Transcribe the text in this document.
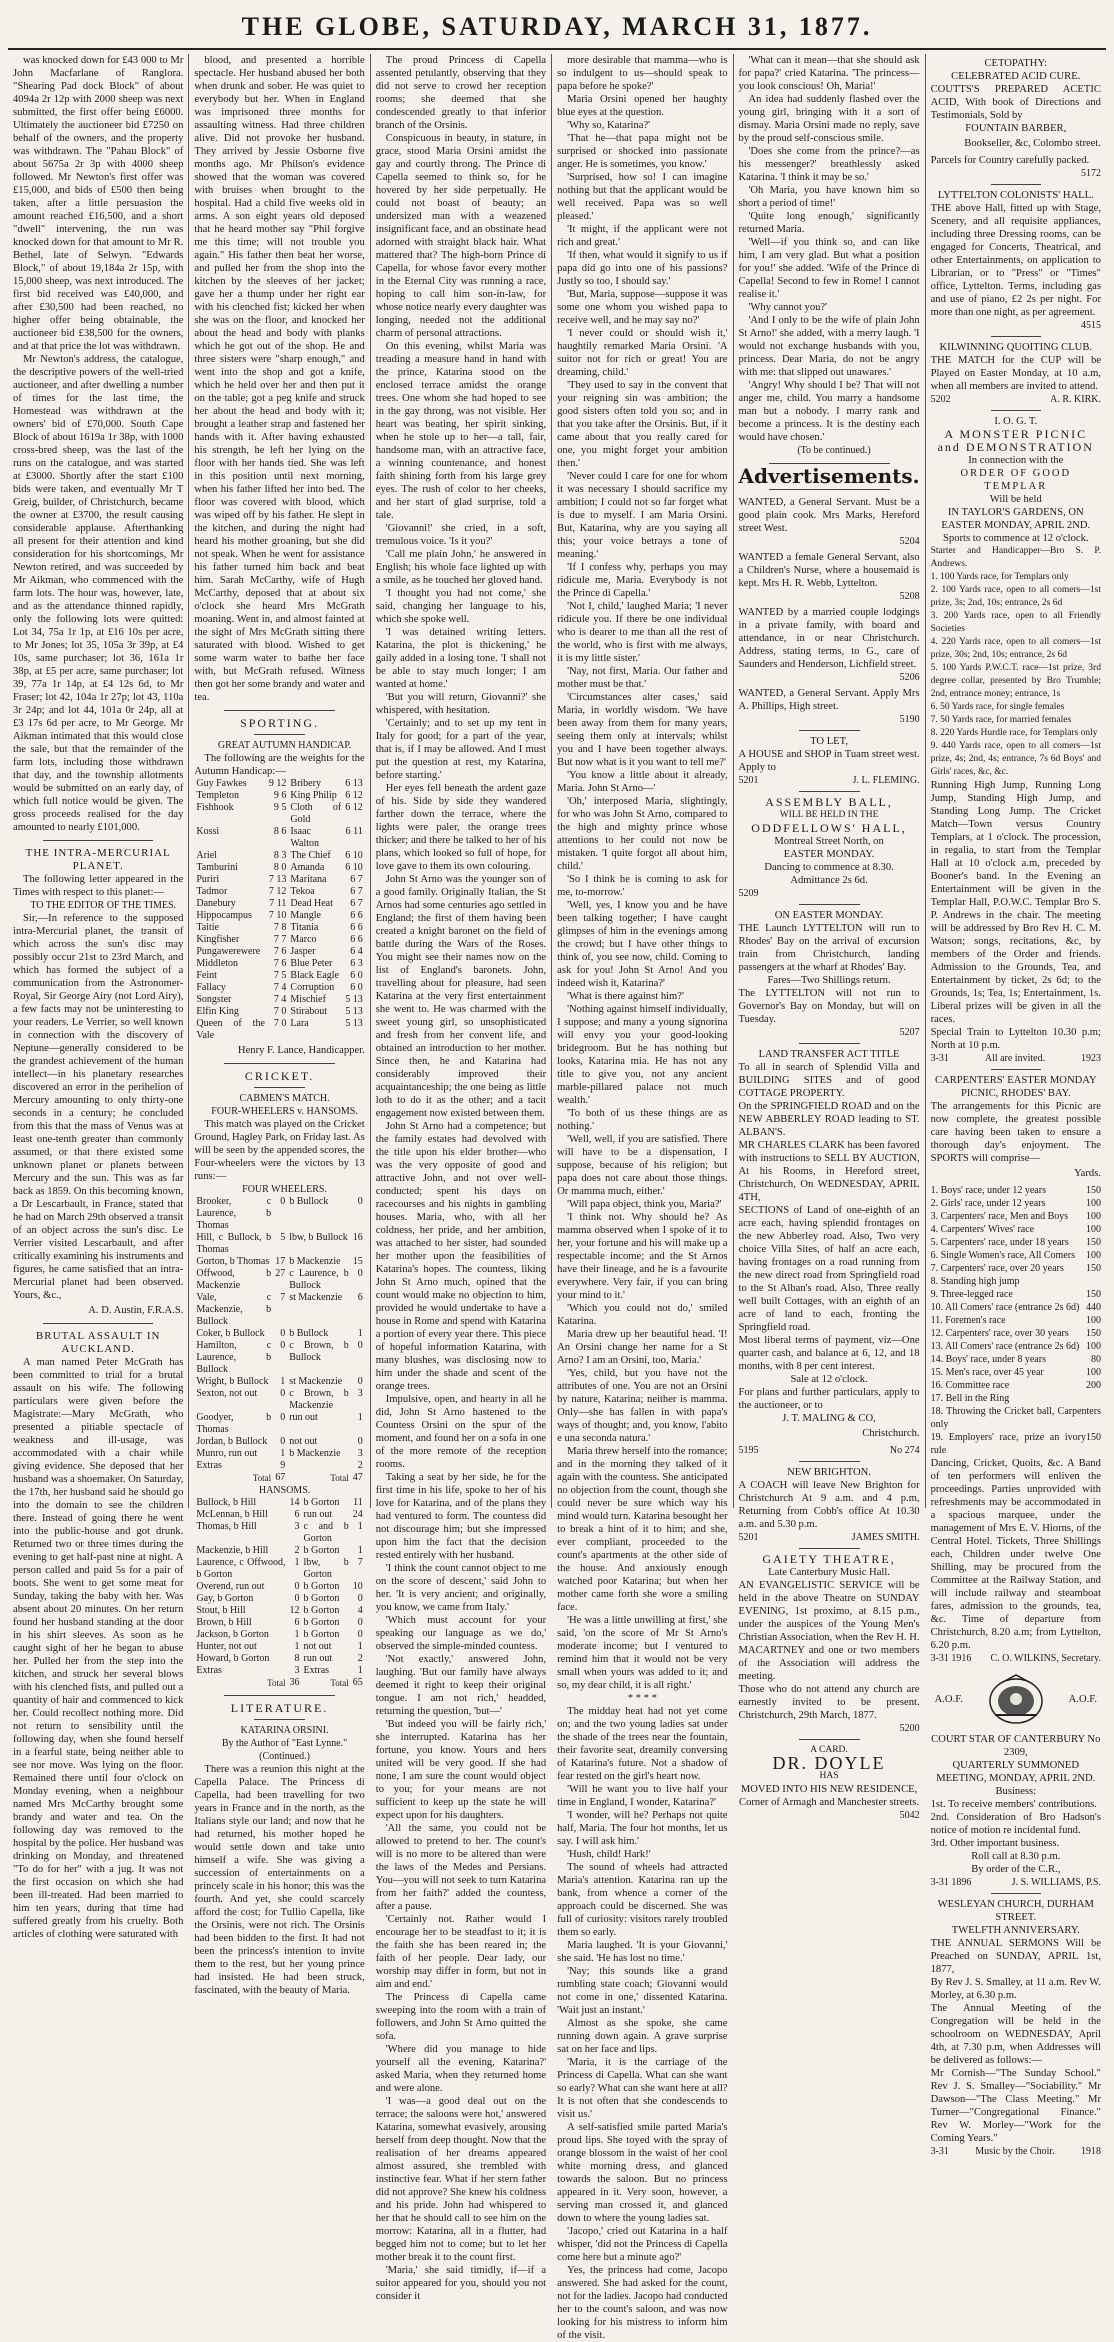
THE GLOBE, SATURDAY, MARCH 31, 1877.

was knocked down for £43 000 to Mr John Macfarlane of Ranglora. "Shearing Pad dock Block" of about 4094a 2r 12p with 2000 sheep was next submitted, the first offer being £6000. Ultimately the auctioneer bid £7250 on behalf of the owners, and the property was withdrawn. The "Pahau Block" of about 5675a 2r 3p with 4000 sheep followed. Mr Newton's first offer was £15,000, and bids of £500 then being taken, after a little persuasion the amount reached £16,500, and a short "dwell" intervening, the run was knocked down for that amount to Mr R. Bethel, late of Selwyn. "Edwards Block," of about 19,184a 2r 15p, with 15,000 sheep, was next introduced. The first bid received was £40,000, and after £30,500 had been reached, no higher offer being obtainable, the auctioneer bid £38,500 for the owners, and at that price the lot was withdrawn.

Mr Newton's address, the catalogue, the descriptive powers of the well-tried auctioneer, and after dwelling a number of times for the last time, the Homestead was withdrawn at the owners' bid of £70,000. South Cape Block of about 1619a 1r 38p, with 1000 cross-bred sheep, was the last of the runs on the catalogue, and was started at £3000. Shortly after the start £100 bids were taken, and eventually Mr T Greig, builder, of Christchurch, became the owner at £3700, the result causing considerable applause. Afterthanking all present for their attention and kind consideration for his shortcomings, Mr Newton retired, and was succeeded by Mr Aikman, who commenced with the farm lots. The hour was, however, late, and as the attendance thinned rapidly, only the following lots were quitted: Lot 34, 75a 1r 1p, at £16 10s per acre, to Mr Jones; lot 35, 105a 3r 39p, at £4 10s, same purchaser; lot 36, 161a 1r 38p, at £5 per acre, same purchaser; lot 39, 77a 1r 14p, at £4 12s 6d, to Mr Fraser; lot 42, 104a 1r 27p; lot 43, 110a 3r 24p; and lot 44, 101a 0r 24p, all at £3 17s 6d per acre, to Mr George. Mr Aikman intimated that this would close the sale, but that the remainder of the farm lots, including those withdrawn that day, and the township allotments would be submitted on an early day, of which full notice would be given. The gross proceeds realised for the day amounted to nearly £101,000.

THE INTRA-MERCURIAL PLANET.

The following letter appeared in the Times with respect to this planet:—

TO THE EDITOR OF THE TIMES.

Sir,—In reference to the supposed intra-Mercurial planet, the transit of which across the sun's disc may possibly occur 21st to 23rd March, and which has formed the subject of a communication from the Astronomer-Royal, Sir George Airy (not Lord Airy), a few facts may not be uninteresting to your readers. Le Verrier, so well known in connection with the discovery of Neptune—generally considered to be the grandest achievement of the human intellect—in his planetary researches discovered an error in the perihelion of Mercury amounting to only thirty-one seconds in a century; he concluded from this that the mass of Venus was at least one-tenth greater than commonly assumed, or that there existed some unknown planet or planets between Mercury and the sun. This was as far back as 1859. On this becoming known, a Dr Lescarbault, in France, stated that he had on March 29th observed a transit of an object across the sun's disc. Le Verrier visited Lescarbault, and after critically examining his instruments and figures, he came satisfied that an intra-Mercurial planet had been observed. Yours, &c.,

A. D. Austin, F.R.A.S.

BRUTAL ASSAULT IN AUCKLAND.

A man named Peter McGrath has been committed to trial for a brutal assault on his wife. The following particulars were given before the Magistrate:—Mary McGrath, who presented a pitiable spectacle of weakness and ill-usage, was accommodated with a chair while giving evidence. She deposed that her husband was a shoemaker. On Saturday, the 17th, her husband said he should go into the domain to see the children there. Instead of going there he went into the public-house and got drunk. Returned two or three times during the evening to get half-past nine at night. A person called and paid 5s for a pair of boots. She went to get some meat for Sunday, taking the baby with her. Was absent about 20 minutes. On her return found her husband standing at the door in his shirt sleeves. As soon as he caught sight of her he began to abuse her. Pulled her from the step into the kitchen, and struck her several blows with his clenched fists, and pulled out a quantity of hair and commenced to kick her. Could recollect nothing more. Did not return to sensibility until the following day, when she found herself in a fearful state, being neither able to see nor move. Was lying on the floor. Remained there until four o'clock on Monday evening, when a neighbour named Mrs McCarthy brought some brandy and water and tea. On the following day was removed to the hospital by the police. Her husband was drinking on Monday, and threatened "To do for her" with a jug. It was not the first occasion on which she had been ill-treated. Had been married to him ten years, during that time had suffered greatly from his cruelty. Both articles of clothing were saturated with

blood, and presented a horrible spectacle. Her husband abused her both when drunk and sober. He was quiet to everybody but her. When in England was imprisoned three months for assaulting witness. Had three children alive. Did not provoke her husband. They arrived by Jessie Osborne five months ago. Mr Philson's evidence showed that the woman was covered with bruises when brought to the hospital. Had a child five weeks old in arms. A son eight years old deposed that he heard mother say "Phil forgive me this time; will not trouble you again." His father then beat her worse, and pulled her from the shop into the kitchen by the sleeves of her jacket; gave her a thump under her right ear with his clenched fist; kicked her when she was on the floor, and knocked her about the head and body with planks which he got out of the shop. He and three sisters were "sharp enough," and went into the shop and got a knife, which he held over her and then put it on the table; got a peg knife and struck her about the head and body with it; brought a leather strap and fastened her hands with it. After having exhausted his strength, he left her lying on the floor with her hands tied. She was left in this position until next morning, when his father lifted her into bed. The floor was covered with blood, which was wiped off by his father. He slept in the kitchen, and during the night had heard his mother groaning, but she did not speak. When he went for assistance his father turned him back and beat him. Sarah McCarthy, wife of Hugh McCarthy, deposed that at about six o'clock she heard Mrs McGrath moaning. Went in, and almost fainted at the sight of Mrs McGrath sitting there saturated with blood. Wished to get some warm water to bathe her face with, but McGrath refused. Witness then got her some brandy and water and tea.

SPORTING.

GREAT AUTUMN HANDICAP.

The following are the weights for the Autumn Handicap:—

Guy Fawkes	9 12	Bribery	6 13
Templeton	9 6	King Philip	6 12
Fishhook	9 5	Cloth of Gold	6 12
Kossi	8 6	Isaac Walton	6 11
Ariel	8 3	The Chief	6 10
Tamburini	8 0	Amanda	6 10
Puriri	7 13	Maritana	6 7
Tadmor	7 12	Tekoa	6 7
Danebury	7 11	Dead Heat	6 7
Hippocampus	7 10	Mangle	6 6
Taitie	7 8	Titania	6 6
Kingfisher	7 7	Marco	6 6
Pungawerewere	7 6	Jasper	6 4
Middleton	7 6	Blue Peter	6 3
Feint	7 5	Black Eagle	6 0
Fallacy	7 4	Corruption	6 0
Songster	7 4	Mischief	5 13
Elfin King	7 0	Stirabout	5 13
Queen of the Vale	7 0	Lara	5 13

Henry F. Lance, Handicapper.

CRICKET.

CABMEN'S MATCH.

FOUR-WHEELERS v. HANSOMS.

This match was played on the Cricket Ground, Hagley Park, on Friday last. As will be seen by the appended scores, the Four-wheelers were the victors by 13 runs:—

FOUR WHEELERS.

Brooker, c Laurence, b Thomas	0	b Bullock	0
Hill, c Bullock, b Thomas	5	lbw, b Bullock	16
Gorton, b Thomas	17	b Mackenzie	15
Offwood, b Mackenzie	27	c Laurence, b Bullock	0
Vale, c Mackenzie, b Bullock	7	st Mackenzie	6
Coker, b Bullock	0	b Bullock	1
Hamilton, c Laurence, b Bullock	0	c Brown, b Bullock	0
Wright, b Bullock	1	st Mackenzie	0
Sexton, not out	0	c Brown, b Mackenzie	3
Goodyer, b Thomas	0	run out	1
Jordan, b Bullock	0	not out	0
Munro, run out	1	b Mackenzie	3
Extras	9		2
Total	67	Total	47

HANSOMS.

Bullock, b Hill	14	b Gorton	11
McLennan, b Hill	6	run out	24
Thomas, b Hill	3	c and b Gorton	1
Mackenzie, b Hill	2	b Gorton	1
Laurence, c Offwood, b Gorton	1	lbw, b Gorton	7
Overend, run out	0	b Gorton	10
Gay, b Gorton	0	b Gorton	0
Stout, b Hill	12	b Gorton	4
Brown, b Hill	6	b Gorton	0
Jackson, b Gorton	1	b Gorton	0
Hunter, not out	1	not out	1
Howard, b Gorton	8	run out	2
Extras	3	Extras	1
Total	36	Total	65

LITERATURE.

KATARINA ORSINI.

By the Author of "East Lynne."

(Continued.)

There was a reunion this night at the Capella Palace. The Princess di Capella, had been travelling for two years in France and in the north, as the Italians style our land; and now that he had returned, his mother hoped he would settle down and take unto himself a wife. She was giving a succession of entertainments on a princely scale in his honor; this was the fourth. And yet, she could scarcely afford the cost; for Tullio Capella, like the Orsinis, were not rich. The Orsinis had been bidden to the first. It had not been the princess's intention to invite them to the rest, but her young prince had insisted. He had been struck, fascinated, with the beauty of Maria.

The proud Princess di Capella assented petulantly, observing that they did not serve to crowd her reception rooms; she deemed that she condescended greatly to that inferior branch of the Orsinis.

Conspicuous in beauty, in stature, in grace, stood Maria Orsini amidst the gay and courtly throng. The Prince di Capella seemed to think so, for he hovered by her side perpetually. He could not boast of beauty; an undersized man with a weazened insignificant face, and an obstinate head adorned with straight black hair. What mattered that? The high-born Prince di Capella, for whose favor every mother in the Eternal City was running a race, hoping to call him son-in-law, for whose notice nearly every daughter was longing, needed not the additional charm of personal attractions.

On this evening, whilst Maria was treading a measure hand in hand with the prince, Katarina stood on the enclosed terrace amidst the orange trees. One whom she had hoped to see in the gay throng, was not visible. Her heart was beating, her spirit sinking, when he stole up to her—a tall, fair, handsome man, with an attractive face, a winning countenance, and honest faith shining forth from his large grey eyes. The rush of color to her cheeks, and her start of glad surprise, told a tale.

'Giovanni!' she cried, in a soft, tremulous voice. 'Is it you?'

'Call me plain John,' he answered in English; his whole face lighted up with a smile, as he touched her gloved hand.

'I thought you had not come,' she said, changing her language to his, which she spoke well.

'I was detained writing letters. Katarina, the plot is thickening,' he gaily added in a losing tone. 'I shall not be able to stay much longer; I am wanted at home.'

'But you will return, Giovanni?' she whispered, with hesitation.

'Certainly; and to set up my tent in Italy for good; for a part of the year, that is, if I may be allowed. And I must put the question at rest, my Katarina, before starting.'

Her eyes fell beneath the ardent gaze of his. Side by side they wandered farther down the terrace, where the lights were paler, the orange trees thicker; and there he talked to her of his plans, which looked so full of hope, for love gave to them its own colouring.

John St Arno was the younger son of a good family. Originally Italian, the St Arnos had some centuries ago settled in England; the first of them having been created a knight baronet on the field of battle during the Wars of the Roses. You might see their names now on the list of England's baronets. John, travelling about for pleasure, had seen Katarina at the very first entertainment she went to. He was charmed with the sweet young girl, so unsophisticated and fresh from her convent life, and obtained an introduction to her mother. Since then, he and Katarina had considerably improved their acquaintanceship; the one being as little loth to do it as the other; and a tacit engagement now existed between them.

John St Arno had a competence; but the family estates had devolved with the title upon his elder brother—who was the very opposite of good and attractive John, and not over well-conducted; spent his days on racecourses and his nights in gambling houses. Maria, who, with all her coldness, her pride, and her ambition, was attached to her sister, had sounded her mother upon the feasibilities of Katarina's hopes. The countess, liking John St Arno much, opined that the count would make no objection to him, provided he would undertake to have a house in Rome and spend with Katarina a portion of every year there. This piece of hopeful information Katarina, with many blushes, was disclosing now to him under the shade and scent of the orange trees.

Impulsive, open, and hearty in all he did, John St Arno hastened to the Countess Orsini on the spur of the moment, and found her on a sofa in one of the more remote of the reception rooms.

Taking a seat by her side, he for the first time in his life, spoke to her of his love for Katarina, and of the plans they had ventured to form. The countess did not discourage him; but she impressed upon him the fact that the decision rested entirely with her husband.

'I think the count cannot object to me on the score of descent,' said John to her. 'It is very ancient; and originally, you know, we came from Italy.'

'Which must account for your speaking our language as we do,' observed the simple-minded countess.

'Not exactly,' answered John, laughing. 'But our family have always deemed it right to keep their original tongue. I am not rich,' headded, returning the question, 'but—'

'But indeed you will be fairly rich,' she interrupted. Katarina has her fortune, you know. Yours and hers united will be very good. If she had none, I am sure the count would object to you; for your means are not sufficient to keep up the state he will expect upon for his daughters.

'All the same, you could not be allowed to pretend to her. The count's will is no more to be altered than were the laws of the Medes and Persians. You—you will not seek to turn Katarina from her faith?' added the countess, after a pause.

'Certainly not. Rather would I encourage her to be steadfast to it; it is the faith she has been reared in; the faith of her people. Dear lady, our worship may differ in form, but not in aim and end.'

The Princess di Capella came sweeping into the room with a train of followers, and John St Arno quitted the sofa.

'Where did you manage to hide yourself all the evening, Katarina?' asked Maria, when they returned home and were alone.

'I was—a good deal out on the terrace; the saloons were hot,' answered Katarina, somewhat evasively, arousing herself from deep thought. Now that the realisation of her dreams appeared almost assured, she trembled with instinctive fear. What if her stern father did not approve? She knew his coldness and his pride. John had whispered to her that he should call to see him on the morrow: Katarina, all in a flutter, had begged him not to come; but to let her mother break it to the count first.

'Maria,' she said timidly, if—if a suitor appeared for you, should you not consider it

more desirable that mamma—who is so indulgent to us—should speak to papa before he spoke?'

Maria Orsini opened her haughty blue eyes at the question.

'Why so, Katarina?'

'That he—that papa might not be surprised or shocked into passionate anger. He is sometimes, you know.'

'Surprised, how so! I can imagine nothing but that the applicant would be well received. Papa was so well pleased.'

'It might, if the applicant were not rich and great.'

'If then, what would it signify to us if papa did go into one of his passions? Justly so too, I should say.'

'But, Maria, suppose—suppose it was some one whom you wished papa to receive well, and he may say no?'

'I never could or should wish it,' haughtily remarked Maria Orsini. 'A suitor not for rich or great! You are dreaming, child.'

'They used to say in the convent that your reigning sin was ambition; the good sisters often told you so; and in that you take after the Orsinis. But, if it came about that you really cared for one, you might forget your ambition then.'

'Never could I care for one for whom it was necessary I should sacrifice my ambition; I could not so far forget what is due to myself. I am Maria Orsini. But, Katarina, why are you saying all this; your voice betrays a tone of meaning.'

'If I confess why, perhaps you may ridicule me, Maria. Everybody is not the Prince di Capella.'

'Not I, child,' laughed Maria; 'I never ridicule you. If there be one individual who is dearer to me than all the rest of the world, who is first with me always, it is my little sister.'

'Nay, not first, Maria. Our father and mother must be that.'

'Circumstances alter cases,' said Maria, in worldly wisdom. 'We have been away from them for many years, seeing them only at intervals; whilst you and I have been together always. But now what is it you want to tell me?'

'You know a little about it already, Maria. John St Arno—'

'Oh,' interposed Maria, slightingly, for who was John St Arno, compared to the high and mighty prince whose attentions to her could not now be mistaken. 'I quite forgot all about him, child.'

'So I think he is coming to ask for me, to-morrow.'

'Well, yes, I know you and he have been talking together; I have caught glimpses of him in the evenings among the crowd; but I have other things to think of, you see now, child. Coming to ask for you! John St Arno! And you indeed wish it, Katarina?'

'What is there against him?'

'Nothing against himself individually, I suppose; and many a young signorina will envy you your good-looking bridegroom. But he has nothing but looks, Katarina mia. He has not any title to give you, not any ancient marble-pillared palace not much wealth.'

'To both of us these things are as nothing.'

'Well, well, if you are satisfied. There will have to be a dispensation, I suppose, because of his religion; but papa does not care about those things. Or mamma much, either.'

'Will papa object, think you, Maria?'

'I think not. Why should he? As mamma observed when I spoke of it to her, your fortune and his will make up a respectable income; and the St Arnos have their lineage, and he is a favourite everywhere. Very fair, if you can bring your mind to it.'

'Which you could not do,' smiled Katarina.

Maria drew up her beautiful head. 'I! An Orsini change her name for a St Arno? I am an Orsini, too, Maria.'

'Yes, child, but you have not the attributes of one. You are not an Orsini by nature, Katarina; neither is mamma. Only—she has fallen in with papa's ways of thought; and, you know, l'abito e una seconda natura.'

Maria threw herself into the romance; and in the morning they talked of it again with the countess. She anticipated no objection from the count, though she could never be sure which way his mind would turn. Katarina besought her to break a hint of it to him; and she, ever compliant, proceeded to the count's apartments at the other side of the house. And anxiously enough watched poor Katarina; but when her mother came forth she wore a smiling face.

'He was a little unwilling at first,' she said, 'on the score of Mr St Arno's moderate income; but I ventured to remind him that it would not be very small when yours was added to it; and so, my dear child, it is all right.'

* * * *

The midday heat had not yet come on; and the two young ladies sat under the shade of the trees near the fountain, their favorite seat, dreamily conversing of Katarina's future. Not a shadow of fear rested on the girl's heart now.

'Will he want you to live half your time in England, I wonder, Katarina?'

'I wonder, will he? Perhaps not quite half, Maria. The four hot months, let us say. I will ask him.'

'Hush, child! Hark!'

The sound of wheels had attracted Maria's attention. Katarina ran up the bank, from whence a corner of the approach could be discerned. She was full of curiosity: visitors rarely troubled them so early.

Maria laughed. 'It is your Giovanni,' she said. 'He has lost no time.'

'Nay; this sounds like a grand rumbling state coach; Giovanni would not come in one,' dissented Katarina. 'Wait just an instant.'

Almost as she spoke, she came running down again. A grave surprise sat on her face and lips.

'Maria, it is the carriage of the Princess di Capella. What can she want so early? What can she want here at all? It is not often that she condescends to visit us.'

A self-satisfied smile parted Maria's proud lips. She toyed with the spray of orange blossom in the waist of her cool white morning dress, and glanced towards the saloon. But no princess appeared in it. Very soon, however, a serving man crossed it, and glanced down to where the young ladies sat.

'Jacopo,' cried out Katarina in a half whisper, 'did not the Princess di Capella come here but a minute ago?'

Yes, the princess had come, Jacopo answered. She had asked for the count, not for the ladies. Jacopo had conducted her to the count's saloon, and was now looking for his mistress to inform him of the visit.

'What can it mean—that she should ask for papa?' cried Katarina. 'The princess—you look conscious! Oh, Maria!'

An idea had suddenly flashed over the young girl, bringing with it a sort of dismay. Maria Orsini made no reply, save by the proud self-conscious smile.

'Does she come from the prince?—as his messenger?' breathlessly asked Katarina. 'I think it may be so.'

'Oh Maria, you have known him so short a period of time!'

'Quite long enough,' significantly returned Maria.

'Well—if you think so, and can like him, I am very glad. But what a position for you!' she added. 'Wife of the Prince di Capella! Second to few in Rome! I cannot realise it.'

'Why cannot you?'

'And I only to be the wife of plain John St Arno!' she added, with a merry laugh. 'I would not exchange husbands with you, princess. Dear Maria, do not be angry with me: that slipped out unawares.'

'Angry! Why should I be? That will not anger me, child. You marry a handsome man but a nobody. I marry rank and become a princess. It is the destiny each would have chosen.'

(To be continued.)

Advertisements.

WANTED, a General Servant. Must be a good plain cook. Mrs Marks, Hereford street West.

5204

WANTED a female General Servant, also a Children's Nurse, where a housemaid is kept. Mrs H. R. Webb, Lyttelton.

5208

WANTED by a married couple lodgings in a private family, with board and attendance, in or near Christchurch. Address, stating terms, to G., care of Saunders and Henderson, Lichfield street.

5206

WANTED, a General Servant. Apply Mrs A. Phillips, High street.

5190

TO LET,

A HOUSE and SHOP in Tuam street west. Apply to

5201	J. L. FLEMING.

ASSEMBLY BALL,

WILL BE HELD IN THE

ODDFELLOWS' HALL,

Montreal Street North, on

EASTER MONDAY.

Dancing to commence at 8.30.

Admittance 2s 6d.

5209

ON EASTER MONDAY.

THE Launch LYTTELTON will run to Rhodes' Bay on the arrival of excursion train from Christchurch, landing passengers at the wharf at Rhodes' Bay.

Fares—Two Shillings return.

The LYTTELTON will not run to Governor's Bay on Monday, but will on Tuesday.

5207

LAND TRANSFER ACT TITLE

To all in search of Splendid Villa and BUILDING SITES and of good COTTAGE PROPERTY.

On the SPRINGFIELD ROAD and on the NEW ABBERLEY ROAD leading to ST. ALBAN'S.

MR CHARLES CLARK has been favored with instructions to SELL BY AUCTION, At his Rooms, in Hereford street, Christchurch, On WEDNESDAY, APRIL 4TH,

SECTIONS of Land of one-eighth of an acre each, having splendid frontages on the new Abberley road. Also, Two very choice Villa Sites, of half an acre each, having frontages on a road running from the new direct road from Springfield road to the St Alban's road. Also, Three really well built Cottages, with an eighth of an acre of land to each, fronting the Springfield road.

Most liberal terms of payment, viz—One quarter cash, and balance at 6, 12, and 18 months, with 8 per cent interest.

Sale at 12 o'clock.

For plans and further particulars, apply to the auctioneer, or to

J. T. MALING & CO,

Christchurch.

5195	No 274

NEW BRIGHTON.

A COACH will leave New Brighton for Christchurch At 9 a.m. and 4 p.m, Returning from Cobb's office At 10.30 a.m. and 5.30 p.m.

5201	JAMES SMITH.

GAIETY THEATRE,

Late Canterbury Music Hall.

AN EVANGELISTIC SERVICE will be held in the above Theatre on SUNDAY EVENING, 1st proximo, at 8.15 p.m., under the auspices of the Young Men's Christian Association, when the Rev H. H. MACARTNEY and one or two members of the Association will address the meeting.

Those who do not attend any church are earnestly invited to be present. Christchurch, 29th March, 1877.

5200

A CARD.

DR. DOYLE

HAS

MOVED INTO HIS NEW RESIDENCE, Corner of Armagh and Manchester streets.

5042

CETOPATHY:

CELEBRATED ACID CURE.

COUTTS'S PREPARED ACETIC ACID, With book of Directions and Testimonials, Sold by

FOUNTAIN BARBER,

Bookseller, &c, Colombo street.

Parcels for Country carefully packed.

5172

LYTTELTON COLONISTS' HALL.

THE above Hall, fitted up with Stage, Scenery, and all requisite appliances, including three Dressing rooms, can be engaged for Concerts, Theatrical, and other Entertainments, on application to Librarian, or to "Press" or "Times" office, Lyttelton. Terms, including gas and use of piano, £2 2s per night. For more than one night, as per agreement.

4515

KILWINNING QUOITING CLUB.

THE MATCH for the CUP will be Played on Easter Monday, at 10 a.m, when all members are invited to attend.

5202	A. R. KIRK.

I. O. G. T.

A MONSTER PICNIC and DEMONSTRATION

In connection with the

ORDER OF GOOD TEMPLAR

Will be held

IN TAYLOR'S GARDENS, ON EASTER MONDAY, APRIL 2ND.

Sports to commence at 12 o'clock.

Starter and Handicapper—Bro S. P. Andrews.

1. 100 Yards race, for Templars only

2. 100 Yards race, open to all comers—1st prize, 3s; 2nd, 10s; entrance, 2s 6d

3. 200 Yards race, open to all Friendly Societies

4. 220 Yards race, open to all comers—1st prize, 30s; 2nd, 10s; entrance, 2s 6d

5. 100 Yards P.W.C.T. race—1st prize, 3rd degree collar, presented by Bro Trumble; 2nd, entrance money; entrance, 1s

6. 50 Yards race, for single females

7. 50 Yards race, for married females

8. 220 Yards Hurdle race, for Templars only

9. 440 Yards race, open to all comers—1st prize, 4s; 2nd, 4s; entrance, 7s 6d Boys' and Girls' races, &c, &c.

Running High Jump, Running Long Jump, Standing High Jump, and Standing Long Jump. The Cricket Match—Town versus Country Templars, at 1 o'clock. The procession, in regalia, to start from the Templar Hall at 10 o'clock a.m, preceded by Booner's band. In the Evening an Entertainment will be given in the Templar Hall, P.O.W.C. Templar Bro S. P. Andrews in the chair. The meeting will be addressed by Bro Rev H. C. M. Watson; songs, recitations, &c, by members of the Order and friends. Admission to the Grounds, Tea, and Entertainment by ticket, 2s 6d; to the Grounds, 1s; Tea, 1s; Entertainment, 1s. Liberal prizes will be given in all the races.

Special Train to Lyttelton 10.30 p.m; North at 10 p.m.

3-31	All are invited.	1923

CARPENTERS' EASTER MONDAY PICNIC, RHODES' BAY.

The arrangements for this Picnic are now complete, the greatest possible care having been taken to ensure a thorough day's enjoyment. The SPORTS will comprise—

Yards.

1. Boys' race, under 12 years	150
2. Girls' race, under 12 years	100
3. Carpenters' race, Men and Boys 100
4. Carpenters' Wives' race	100
5. Carpenters' race, under 18 years 150
6. Single Women's race, All Comers 100
7. Carpenters' race, over 20 years 150
8. Standing high jump
9. Three-legged race	150
10. All Comers' race (entrance 2s 6d) 440
11. Foremen's race	100
12. Carpenters' race, over 30 years 150
13. All Comers' race (entrance 2s 6d) 100
14. Boys' race, under 8 years	80
15. Men's race, over 45 year	100
16. Committee race	200
17. Bell in the Ring
18. Throwing the Cricket ball, Carpenters only
19. Employers' race, prize an ivory rule
150

Dancing, Cricket, Quoits, &c. A Band of ten performers will enliven the proceedings. Parties unprovided with refreshments may be accommodated in a spacious marquee, under the management of Mrs E. V. Hiorns, of the Central Hotel. Tickets, Three Shillings each, Children under twelve One Shilling, may be procured from the Committee at the Railway Station, and will include railway and steamboat fares, admission to the grounds, tea, &c. Time of departure from Christchurch, 8.20 a.m; from Lyttelton, 6.20 p.m.

3-31 1916 C. O. WILKINS, Secretary.
A.O.F.	A.O.F.

COURT STAR OF CANTERBURY No 2309,

QUARTERLY SUMMONED MEETING, MONDAY, APRIL 2ND.

Business:

1st. To receive members' contributions.

2nd. Consideration of Bro Hadson's notice of motion re incidental fund.

3rd. Other important business.

Roll call at 8.30 p.m.

By order of the C.R.,

3-31 1896	J. S. WILLIAMS, P.S.

WESLEYAN CHURCH, DURHAM STREET.

TWELFTH ANNIVERSARY.

THE ANNUAL SERMONS Will be Preached on SUNDAY, APRIL 1st, 1877,

By Rev J. S. Smalley, at 11 a.m. Rev W. Morley, at 6.30 p.m.

The Annual Meeting of the Congregation will be held in the schoolroom on WEDNESDAY, April 4th, at 7.30 p.m, when Addresses will be delivered as follows:—

Mr Cornish—"The Sunday School." Rev J. S. Smalley—"Sociability." Mr Dawson—"The Class Meeting." Mr Turner—"Congregational Finance." Rev W. Morley—"Work for the Coming Years."

3-31	Music by the Choir.	1918
